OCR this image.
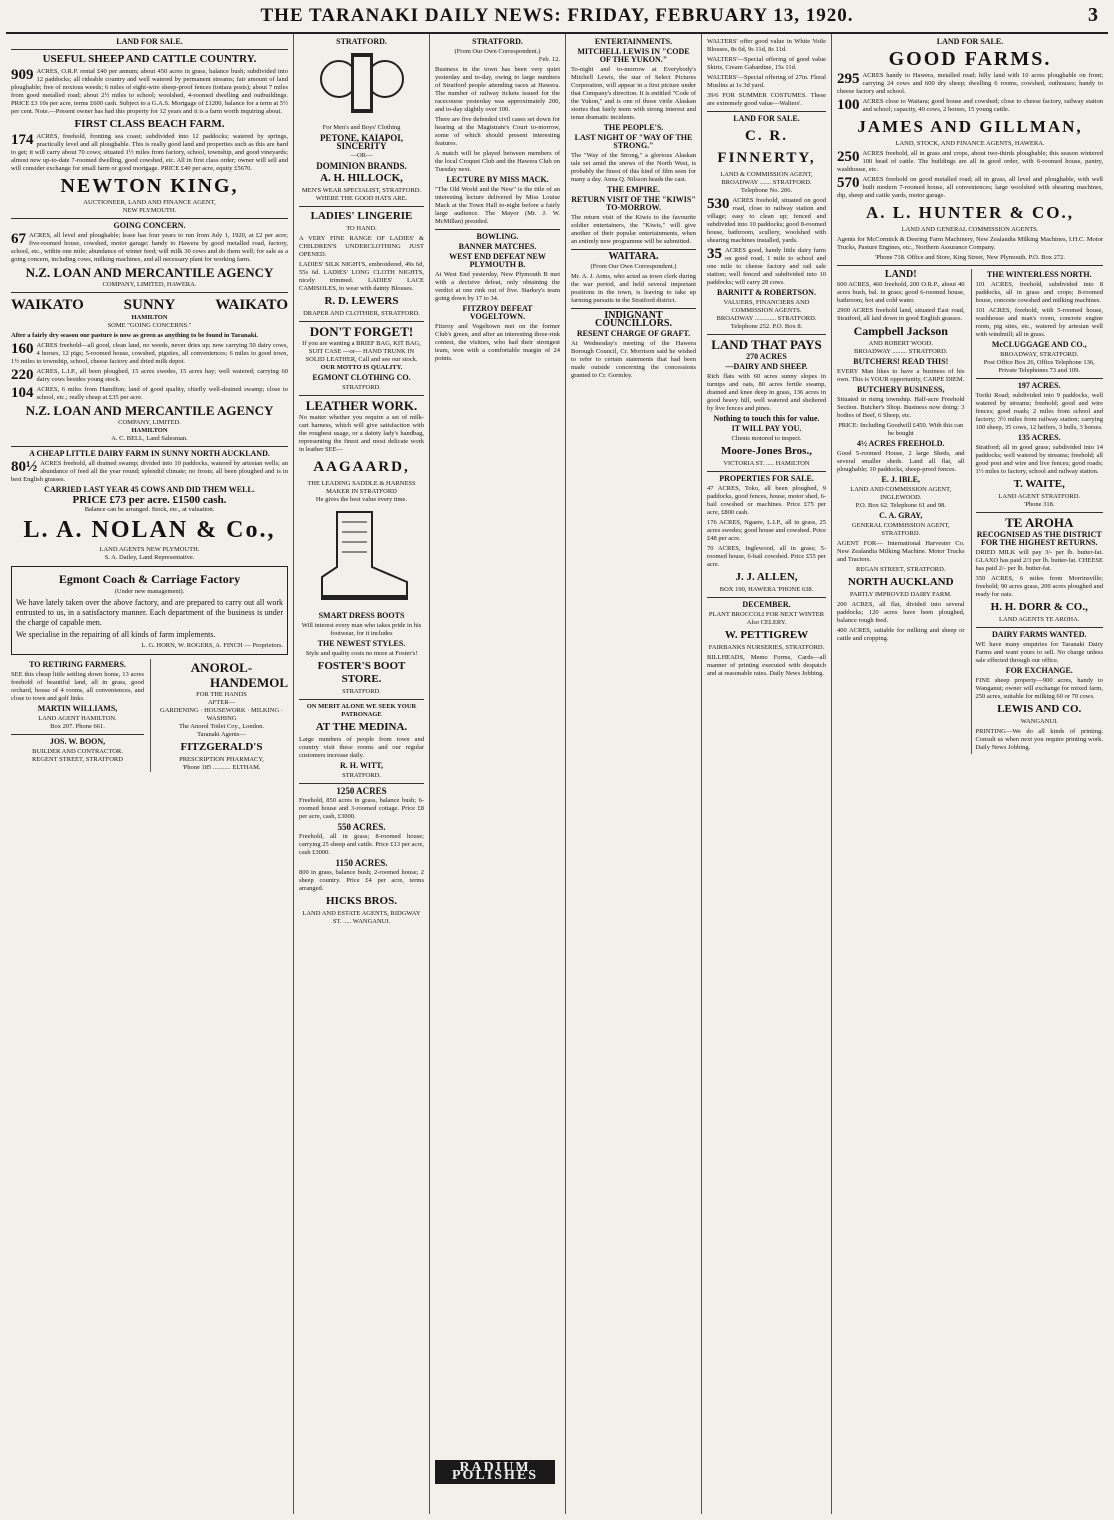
THE TARANAKI DAILY NEWS: FRIDAY, FEBRUARY 13, 1920.	3
LAND FOR SALE.
USEFUL SHEEP AND CATTLE COUNTRY.
909 ACRES, O.R.P. rental £40 per annum; about 450 acres in grass, balance bush; subdivided into 12 paddocks; all rideable country and well watered by permanent streams; fair amount of land ploughable; free of noxious weeds; 6 miles of eight-wire sheep-proof fences (tottara posts); about 7 miles from good metalled road; about 2½ miles to school; woolshed, 4-roomed dwelling and outbuildings. PRICE £3 10s per acre, terms £600 cash. Subject to a G.A.S. Mortgage of £1200, balance for a term at 5½ per cent. Note.—Present owner has had this property for 12 years and it is a farm worth inquiring about.
FIRST CLASS BEACH FARM.
174 ACRES, freehold, fronting sea coast; subdivided into 12 paddocks; watered by springs, practically level and all ploughable. This is really good land and properties such as this are hard to get; it will carry about 70 cows; situated 1½ miles from factory, school, township, and good vineyards; almost new up-to-date 7-roomed dwelling, good cowshed, etc. All in first class order; owner will sell and will consider exchange for small farm or good mortgage. PRICE £40 per acre, equity £5670.
NEWTON KING,
AUCTIONEER, LAND AND FINANCE AGENT,
NEW PLYMOUTH.
GOING CONCERN.
67 ACRES, all level and ploughable; lease has four years to run from July 1, 1920, at £2 per acre; five-roomed house, cowshed, motor garage; handy to Hawera by good metalled road, factory, school, etc., within one mile; abundance of winter feed; will milk 30 cows and do them well; for sale as a going concern, including cows, milking machines, and all necessary plant for working farm.
N.Z. LOAN AND MERCANTILE AGENCY
COMPANY, LIMITED, HAWERA.
WAIKATO	SUNNY	WAIKATO
HAMILTON
SOME "GOING CONCERNS."
After a fairly dry season our pasture is now as green as anything to be found in Taranaki.
160 ACRES freehold—all good, clean land, no weeds, never dries up; now carrying 50 dairy cows, 4 horses, 12 pigs; 5-roomed house, cowshed, pigsties, all conveniences; 6 miles to good town, 1½ miles to township, school, cheese factory and dried milk depot.
220 ACRES, L.I.P., all been ploughed, 15 acres swedes, 15 acres hay; well watered; carrying 60 dairy cows besides young stock.
104 ACRES, 6 miles from Hamilton; land of good quality, chiefly well-drained swamp; close to school, etc.; really cheap at £35 per acre.
N.Z. LOAN AND MERCANTILE AGENCY
COMPANY, LIMITED.
HAMILTON
A. C. BELL, Land Salesman.
A CHEAP LITTLE DAIRY FARM IN SUNNY NORTH AUCKLAND.
80½ ACRES freehold, all drained swamp; divided into 10 paddocks, watered by artesian wells; an abundance of feed all the year round; splendid climate; no frosts; all been ploughed and is in best English grasses.
CARRIED LAST YEAR 45 COWS AND DID THEM WELL.
PRICE £73 per acre. £1500 cash.
Balance can be arranged. Stock, etc., at valuation.
L. A. NOLAN & Co.,
LAND AGENTS NEW PLYMOUTH.
S. A. Dailey, Land Representative.
Egmont Coach & Carriage Factory
(Under new management).
We have lately taken over the above factory, and are prepared to carry out all work entrusted to us, in a satisfactory manner. Each department of the business is under the charge of capable men.
We specialise in the repairing of all kinds of farm implements.
L. G. HORN, W. ROGERS, A. FINCH — Proprietors.
TO RETIRING FARMERS.
SEE this cheap little settling down home, 13 acres freehold of beautiful land, all in grass, good orchard, house of 4 rooms, all conveniences, and close to town and golf links.
MARTIN WILLIAMS,
LAND AGENT HAMILTON.
Box 207. Phone 661.
JOS. W. BOON,
BUILDER AND CONTRACTOR.
REGENT STREET, STRATFORD
ANOROL-
HANDEMOL
FOR THE HANDS
AFTER—
GARDENING · HOUSEWORK · MILKING · WASHING
The Anorol Toilet Coy., London.
Taranaki Agents—
FITZGERALD'S
PRESCRIPTION PHARMACY,
'Phone 185 ........... ELTHAM.
STRATFORD.
For Men's and Boys' Clothing
PETONE, KAIAPOI, SINCERITY
—OR—
DOMINION BRANDS.
A. H. HILLOCK,
MEN'S WEAR SPECIALIST, STRATFORD.
WHERE THE GOOD HATS ARE.
LADIES' LINGERIE
TO HAND.
A VERY FINE RANGE OF LADIES' & CHILDREN'S UNDERCLOTHING JUST OPENED.
LADIES' SILK NIGHTS, embroidered, 49s 6d, 55s 6d. LADIES' LONG CLOTH NIGHTS, nicely trimmed. LADIES' LACE CAMISOLES, to wear with dainty Blouses.
R. D. LEWERS
DRAPER AND CLOTHIER, STRATFORD.
DON'T FORGET!
If you are wanting a BRIEF BAG, KIT BAG, SUIT CASE —or— HAND TRUNK IN SOLID LEATHER, Call and see our stock.
OUR MOTTO IS QUALITY.
EGMONT CLOTHING CO.
STRATFORD.
LEATHER WORK.
No matter whether you require a set of milk-cart harness, which will give satisfaction with the roughest usage, or a dainty lady's handbag, representing the finest and most delicate work in leather SEE—
AAGAARD,
THE LEADING SADDLE & HARNESS MAKER IN STRATFORD
He gives the best value every time.
SMART DRESS BOOTS
Will interest every man who takes pride in his footwear, for it includes
THE NEWEST STYLES.
Style and quality costs no more at Foster's!
FOSTER'S BOOT STORE.
STRATFORD.
ON MERIT ALONE WE SEEK YOUR PATRONAGE
AT THE MEDINA.
Large numbers of people from town and country visit these rooms and our regular customers increase daily.
R. H. WITT,
STRATFORD.
1250 ACRES
Freehold, 850 acres in grass, balance bush; 6-roomed house and 3-roomed cottage. Price £8 per acre, cash, £3000.
550 ACRES.
Freehold, all in grass; 8-roomed house; carrying 25 sheep and cattle. Price £13 per acre, cash £3000.
1150 ACRES.
800 in grass, balance bush; 2-roomed house; 2 sheep country. Price £4 per acre, terms arranged.
HICKS BROS.
LAND AND ESTATE AGENTS, RIDGWAY ST. ..... WANGANUI.
STRATFORD.
(From Our Own Correspondent.)
Feb. 12.
Business in the town has been very quiet yesterday and to-day, owing to large numbers of Stratford people attending races at Hawera. The number of railway tickets issued for the racecourse yesterday was approximately 200, and to-day slightly over 100.
There are five defended civil cases set down for hearing at the Magistrate's Court to-morrow, some of which should present interesting features.
A match will be played between members of the local Croquet Club and the Hawera Club on Tuesday next.
LECTURE BY MISS MACK.
"The Old World and the New" is the title of an interesting lecture delivered by Miss Louise Mack at the Town Hall to-night before a fairly large audience. The Mayor (Mr. J. W. McMillan) presided.
BOWLING.
BANNER MATCHES.
WEST END DEFEAT NEW PLYMOUTH B.
At West End yesterday, New Plymouth B met with a decisive defeat, only obtaining the verdict at one rink out of five. Starkey's team going down by 17 to 34.
FITZROY DEFEAT VOGELTOWN.
Fitzroy and Vogeltown met on the former Club's green, and after an interesting three-rink contest, the visitors, who had their strongest team, won with a comfortable margin of 24 points.
RADIUM POLISHES
ENTERTAINMENTS.
MITCHELL LEWIS IN "CODE OF THE YUKON."
To-night and to-morrow at Everybody's Mitchell Lewis, the star of Select Pictures Corporation, will appear in a first picture under that Company's direction. It is entitled "Code of the Yukon," and is one of those virile Alaskan stories that fairly teem with strong interest and tense dramatic incidents.
THE PEOPLE'S.
LAST NIGHT OF "WAY OF THE STRONG."
The "Way of the Strong," a glorious Alaskan tale set amid the snows of the North West, is probably the finest of this kind of film seen for many a day. Anna Q. Nilsson heads the cast.
THE EMPIRE.
RETURN VISIT OF THE "KIWIS" TO-MORROW.
The return visit of the Kiwis to the favourite soldier entertainers, the "Kiwis," will give another of their popular entertainments, when an entirely new programme will be submitted.
WAITARA.
(From Our Own Correspondent.)
Mr. A. J. Arms, who acted as town clerk during the war period, and held several important positions in the town, is leaving to take up farming pursuits in the Stratford district.
INDIGNANT COUNCILLORS.
RESENT CHARGE OF GRAFT.
At Wednesday's meeting of the Hawera Borough Council, Cr. Morrison said he wished to refer to certain statements that had been made outside concerning the concessions granted to Cr. Gormley.
WALTERS' offer good value in White Voile Blouses, 8s 6d, 9s 11d, 8s 11d.
WALTERS'—Special offering of good value Skirts, Cream Gabardine, 15s 11d.
WALTERS'—Special offering of 27in. Floral Muslins at 1s 3d yard.
39/6 FOR SUMMER COSTUMES. These are extremely good value—Walters'.
LAND FOR SALE.
C. R. FINNERTY,
LAND & COMMISSION AGENT,
BROADWAY ....... STRATFORD.
Telephone No. 206.
530 ACRES freehold, situated on good road, close to railway station and village; easy to clean up; fenced and subdivided into 10 paddocks; good 8-roomed house, bathroom, scullery, woolshed with shearing machines installed, yards.
35 ACRES good, handy little dairy farm on good road, 1 mile to school and one mile to cheese factory and rail sale station; well fenced and subdivided into 10 paddocks; will carry 28 cows.
BARNITT & ROBERTSON.
VALUERS, FINANCIERS AND COMMISSION AGENTS.
BROADWAY ............. STRATFORD.
Telephone 252. P.O. Box 8.
LAND THAT PAYS
270 ACRES
—DAIRY AND SHEEP.
Rich flats with 60 acres sunny slopes in turnips and oats, 80 acres fertile swamp, drained and knee deep in grass, 136 acres in good heavy hill, well watered and sheltered by live fences and pines.
Nothing to touch this for value.
IT WILL PAY YOU.
Clients motored to inspect.
Moore-Jones Bros.,
VICTORIA ST. ..... HAMILTON
PROPERTIES FOR SALE.
47 ACRES, Toko, all been ploughed, 9 paddocks, good fences, house, motor shed, 6-bail cowshed or machines. Price £75 per acre, £800 cash.
176 ACRES, Ngaere, L.I.P., all in grass, 25 acres swedes; good house and cowshed. Price £48 per acre.
70 ACRES, Inglewood, all in grass; 5-roomed house, 6-bail cowshed. Price £55 per acre.
J. J. ALLEN,
BOX 190, HAWERA 'PHONE 638.
DECEMBER.
PLANT BROCCOLI FOR NEXT WINTER
Also CELERY.
W. PETTIGREW
FAIRBANKS NURSERIES, STRATFORD.
BILLHEADS, Memo Forms, Cards—all manner of printing executed with despatch and at reasonable rates. Daily News Jobbing.
LAND FOR SALE.
GOOD FARMS.
295 ACRES handy to Hawera, metalled road; hilly land with 10 acres ploughable on front; carrying 24 cows and 600 dry sheep; dwelling 6 rooms, cowshed, outhouses; handy to cheese factory and school.
100 ACRES close to Waitara; good house and cowshed; close to cheese factory, railway station and school; capacity, 40 cows, 2 horses, 15 young cattle.
JAMES AND GILLMAN,
LAND, STOCK, AND FINANCE AGENTS, HAWERA.
250 ACRES freehold, all in grass and crops, about two-thirds ploughable; this season wintered 100 head of cattle. The buildings are all in good order, with 6-roomed house, pantry, washhouse, etc.
570 ACRES freehold on good metalled road; all in grass, all level and ploughable, with well built modern 7-roomed house, all conveniences; large woolshed with shearing machines, dip, sheep and cattle yards, motor garage.
A. L. HUNTER & CO.,
LAND AND GENERAL COMMISSION AGENTS.
Agents for McCormick & Deering Farm Machinery, New Zealandia Milking Machines, I.H.C. Motor Trucks, Pasture Engines, etc., Northern Assurance Company.
'Phone 718. Office and Store, King Street, New Plymouth. P.O. Box 272.
LAND!
600 ACRES, 460 freehold, 200 O.R.P., about 40 acres bush, bal. in grass; good 6-roomed house, bathroom, hot and cold water.
2900 ACRES freehold land, situated East road, Stratford, all laid down in good English grasses.
Campbell Jackson
AND ROBERT WOOD.
BROADWAY ......... STRATFORD.
BUTCHERS! READ THIS!
EVERY Man likes to have a business of his own. This is YOUR opportunity, CARPE DIEM.
BUTCHERY BUSINESS,
Situated in rising township. Half-acre Freehold Section. Butcher's Shop. Business now doing: 3 bodies of Beef, 6 Sheep, etc.
PRICE: Including Goodwill £450. With this can be bought
4½ ACRES FREEHOLD.
Good 5-roomed House, 2 large Sheds, and several smaller sheds. Land all flat, all ploughable; 10 paddocks, sheep-proof fences.
E. J. IBLE,
LAND AND COMMISSION AGENT, INGLEWOOD.
P.O. Box 62. Telephone 61 and 98.
C. A. GRAY,
GENERAL COMMISSION AGENT, STRATFORD.
AGENT FOR— International Harvester Co. New Zealandia Milking Machine. Motor Trucks and Tractors.
REGAN STREET, STRATFORD.
NORTH AUCKLAND
PARTLY IMPROVED DAIRY FARM.
200 ACRES, all flat, divided into several paddocks; 120 acres have been ploughed, balance rough feed.
400 ACRES, suitable for milking and sheep or cattle and cropping.
THE WINTERLESS NORTH.
101 ACRES, freehold, subdivided into 8 paddocks, all in grass and crops; 8-roomed house, concrete cowshed and milking machines.
101 ACRES, freehold, with 5-roomed house, washhouse and man's room, concrete engine room, pig sties, etc., watered by artesian well with windmill; all in grass.
McCLUGGAGE AND CO.,
BROADWAY, STRATFORD.
Post Office Box 26, Office Telephone 136, Private Telephones 73 and 109.
197 ACRES.
Toriki Road; subdivided into 9 paddocks, well watered by streams; freehold; good and wire fences; good roads; 2 miles from school and factory; 3½ miles from railway station; carrying 100 sheep, 35 cows, 12 heifers, 3 bulls, 3 horses.
135 ACRES.
Stratford; all in good grass; subdivided into 14 paddocks; well watered by streams; freehold; all good post and wire and live fences; good roads; 1½ miles to factory, school and railway station.
T. WAITE,
LAND AGENT STRATFORD.
'Phone 318.
TE AROHA
RECOGNISED AS THE DISTRICT FOR THE HIGHEST RETURNS.
DRIED MILK will pay 3/- per lb. butter-fat. GLAXO has paid 2/3 per lb. butter-fat. CHEESE has paid 2/- per lb. butter-fat.
350 ACRES, 6 miles from Morrinsville; freehold; 90 acres grass, 200 acres ploughed and ready for oats.
H. H. DORR & CO.,
LAND AGENTS TE AROHA.
DAIRY FARMS WANTED.
WE have many enquiries for Taranaki Dairy Farms and want yours to sell. No charge unless sale effected through our office.
FOR EXCHANGE.
FINE sheep property—900 acres, handy to Wanganui; owner will exchange for mixed farm, 250 acres, suitable for milking 60 or 70 cows.
LEWIS AND CO.
WANGANUI.
PRINTING—We do all kinds of printing. Consult us when next you require printing work. Daily News Jobbing.
